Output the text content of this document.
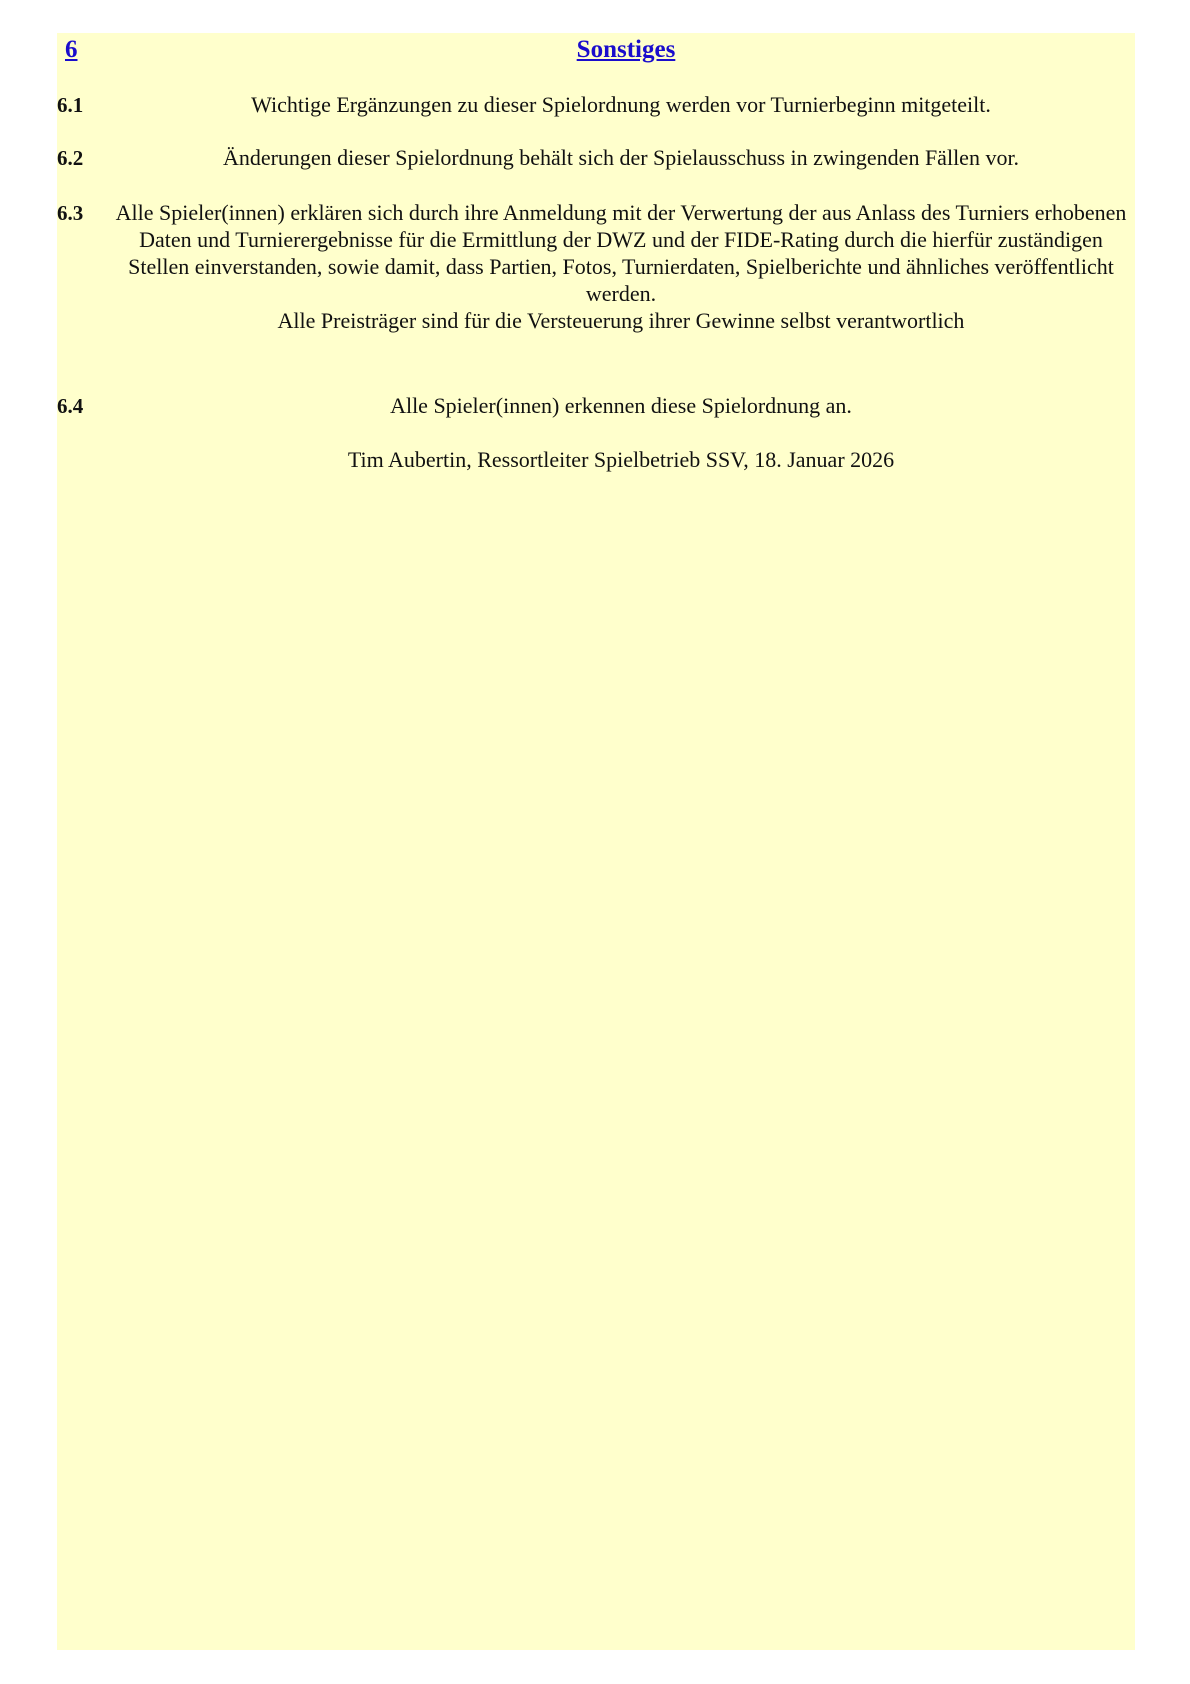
6	Sonstiges
6.1	Wichtige Ergänzungen zu dieser Spielordnung werden vor Turnierbeginn mitgeteilt.

6.2	Änderungen dieser Spielordnung behält sich der Spielausschuss in zwingenden Fällen vor.

6.3 Alle Spieler(innen) erklären sich durch ihre Anmeldung mit der Verwertung der aus Anlass des Turniers erhobenen Daten und Turnierergebnisse für die Ermittlung der DWZ und der FIDE-Rating durch die hierfür zuständigen Stellen einverstanden, sowie damit, dass Partien, Fotos, Turnierdaten, Spielberichte und ähnliches veröffentlicht werden.

Alle Preisträger sind für die Versteuerung ihrer Gewinne selbst verantwortlich

6.4	Alle Spieler(innen) erkennen diese Spielordnung an.

Tim Aubertin, Ressortleiter Spielbetrieb SSV, 18. Januar 2026
